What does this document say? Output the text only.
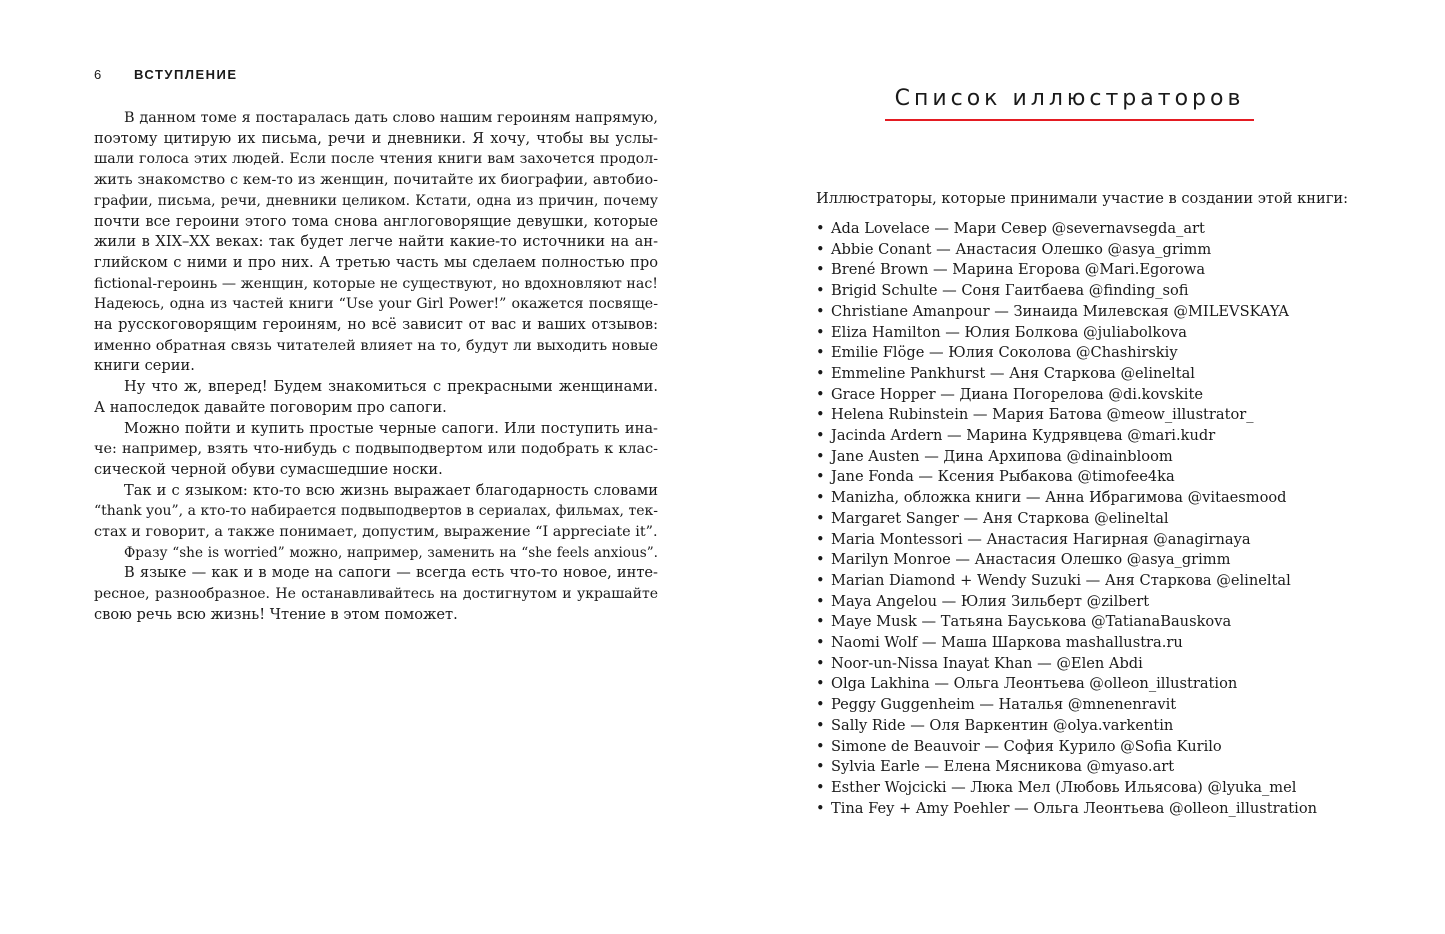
6	ВСТУПЛЕНИЕ
В данном томе я постаралась дать слово нашим героиням напрямую,
поэтому цитирую их письма, речи и дневники. Я хочу, чтобы вы услы-
шали голоса этих людей. Если после чтения книги вам захочется продол-
жить знакомство с кем-то из женщин, почитайте их биографии, автобио-
графии, письма, речи, дневники целиком. Кстати, одна из причин, почему
почти все героини этого тома снова англоговорящие девушки, которые
жили в XIX–XX веках: так будет легче найти какие-то источники на ан-
глийском с ними и про них. А третью часть мы сделаем полностью про
fictional-героинь — женщин, которые не существуют, но вдохновляют нас!
Надеюсь, одна из частей книги “Use your Girl Power!” окажется посвяще-
на русскоговорящим героиням, но всё зависит от вас и ваших отзывов:
именно обратная связь читателей влияет на то, будут ли выходить новые
книги серии.
Ну что ж, вперед! Будем знакомиться с прекрасными женщинами.
А напоследок давайте поговорим про сапоги.
Можно пойти и купить простые черные сапоги. Или поступить ина-
че: например, взять что-нибудь с подвыподвертом или подобрать к клас-
сической черной обуви сумасшедшие носки.
Так и с языком: кто-то всю жизнь выражает благодарность словами
“thank you”, а кто-то набирается подвыподвертов в сериалах, фильмах, тек-
стах и говорит, а также понимает, допустим, выражение “I appreciate it”.
Фразу “she is worried” можно, например, заменить на “she feels anxious”.
В языке — как и в моде на сапоги — всегда есть что-то новое, инте-
ресное, разнообразное. Не останавливайтесь на достигнутом и украшайте
свою речь всю жизнь! Чтение в этом поможет.
Список иллюстраторов
Иллюстраторы, которые принимали участие в создании этой книги:
• Ada Lovelace — Мари Север @severnavsegda_art
• Abbie Conant — Анастасия Олешко @asya_grimm
• Brené Brown — Марина Егорова @Mari.Egorowa
• Brigid Schulte — Соня Гаитбаева @finding_sofi
• Christiane Amanpour — Зинаида Милевская @MILEVSKAYA
• Eliza Hamilton — Юлия Болкова @juliabolkova
• Emilie Flöge — Юлия Соколова @Chashirskiy
• Emmeline Pankhurst — Аня Старкова @elineltal
• Grace Hopper — Диана Погорелова @di.kovskite
• Helena Rubinstein — Мария Батова @meow_illustrator_
• Jacinda Ardern — Марина Кудрявцева @mari.kudr
• Jane Austen — Дина Архипова @dinainbloom
• Jane Fonda — Ксения Рыбакова @timofee4ka
• Manizha, обложка книги — Анна Ибрагимова @vitaesmood
• Margaret Sanger — Аня Старкова @elineltal
• Maria Montessori — Анастасия Нагирная @anagirnaya
• Marilyn Monroe — Анастасия Олешко @asya_grimm
• Marian Diamond + Wendy Suzuki — Аня Старкова @elineltal
• Maya Angelou — Юлия Зильберт @zilbert
• Maye Musk — Татьяна Бауськова @TatianaBauskova
• Naomi Wolf — Маша Шаркова mashallustra.ru
• Noor-un-Nissa Inayat Khan — @Elen Abdi
• Olga Lakhina — Ольга Леонтьева @olleon_illustration
• Peggy Guggenheim — Наталья @mnenenravit
• Sally Ride — Оля Варкентин @olya.varkentin
• Simone de Beauvoir — София Курило @Sofia Kurilo
• Sylvia Earle — Елена Мясникова @myaso.art
• Esther Wojcicki — Люка Мел (Любовь Ильясова) @lyuka_mel
• Tina Fey + Amy Poehler — Ольга Леонтьева @olleon_illustration
